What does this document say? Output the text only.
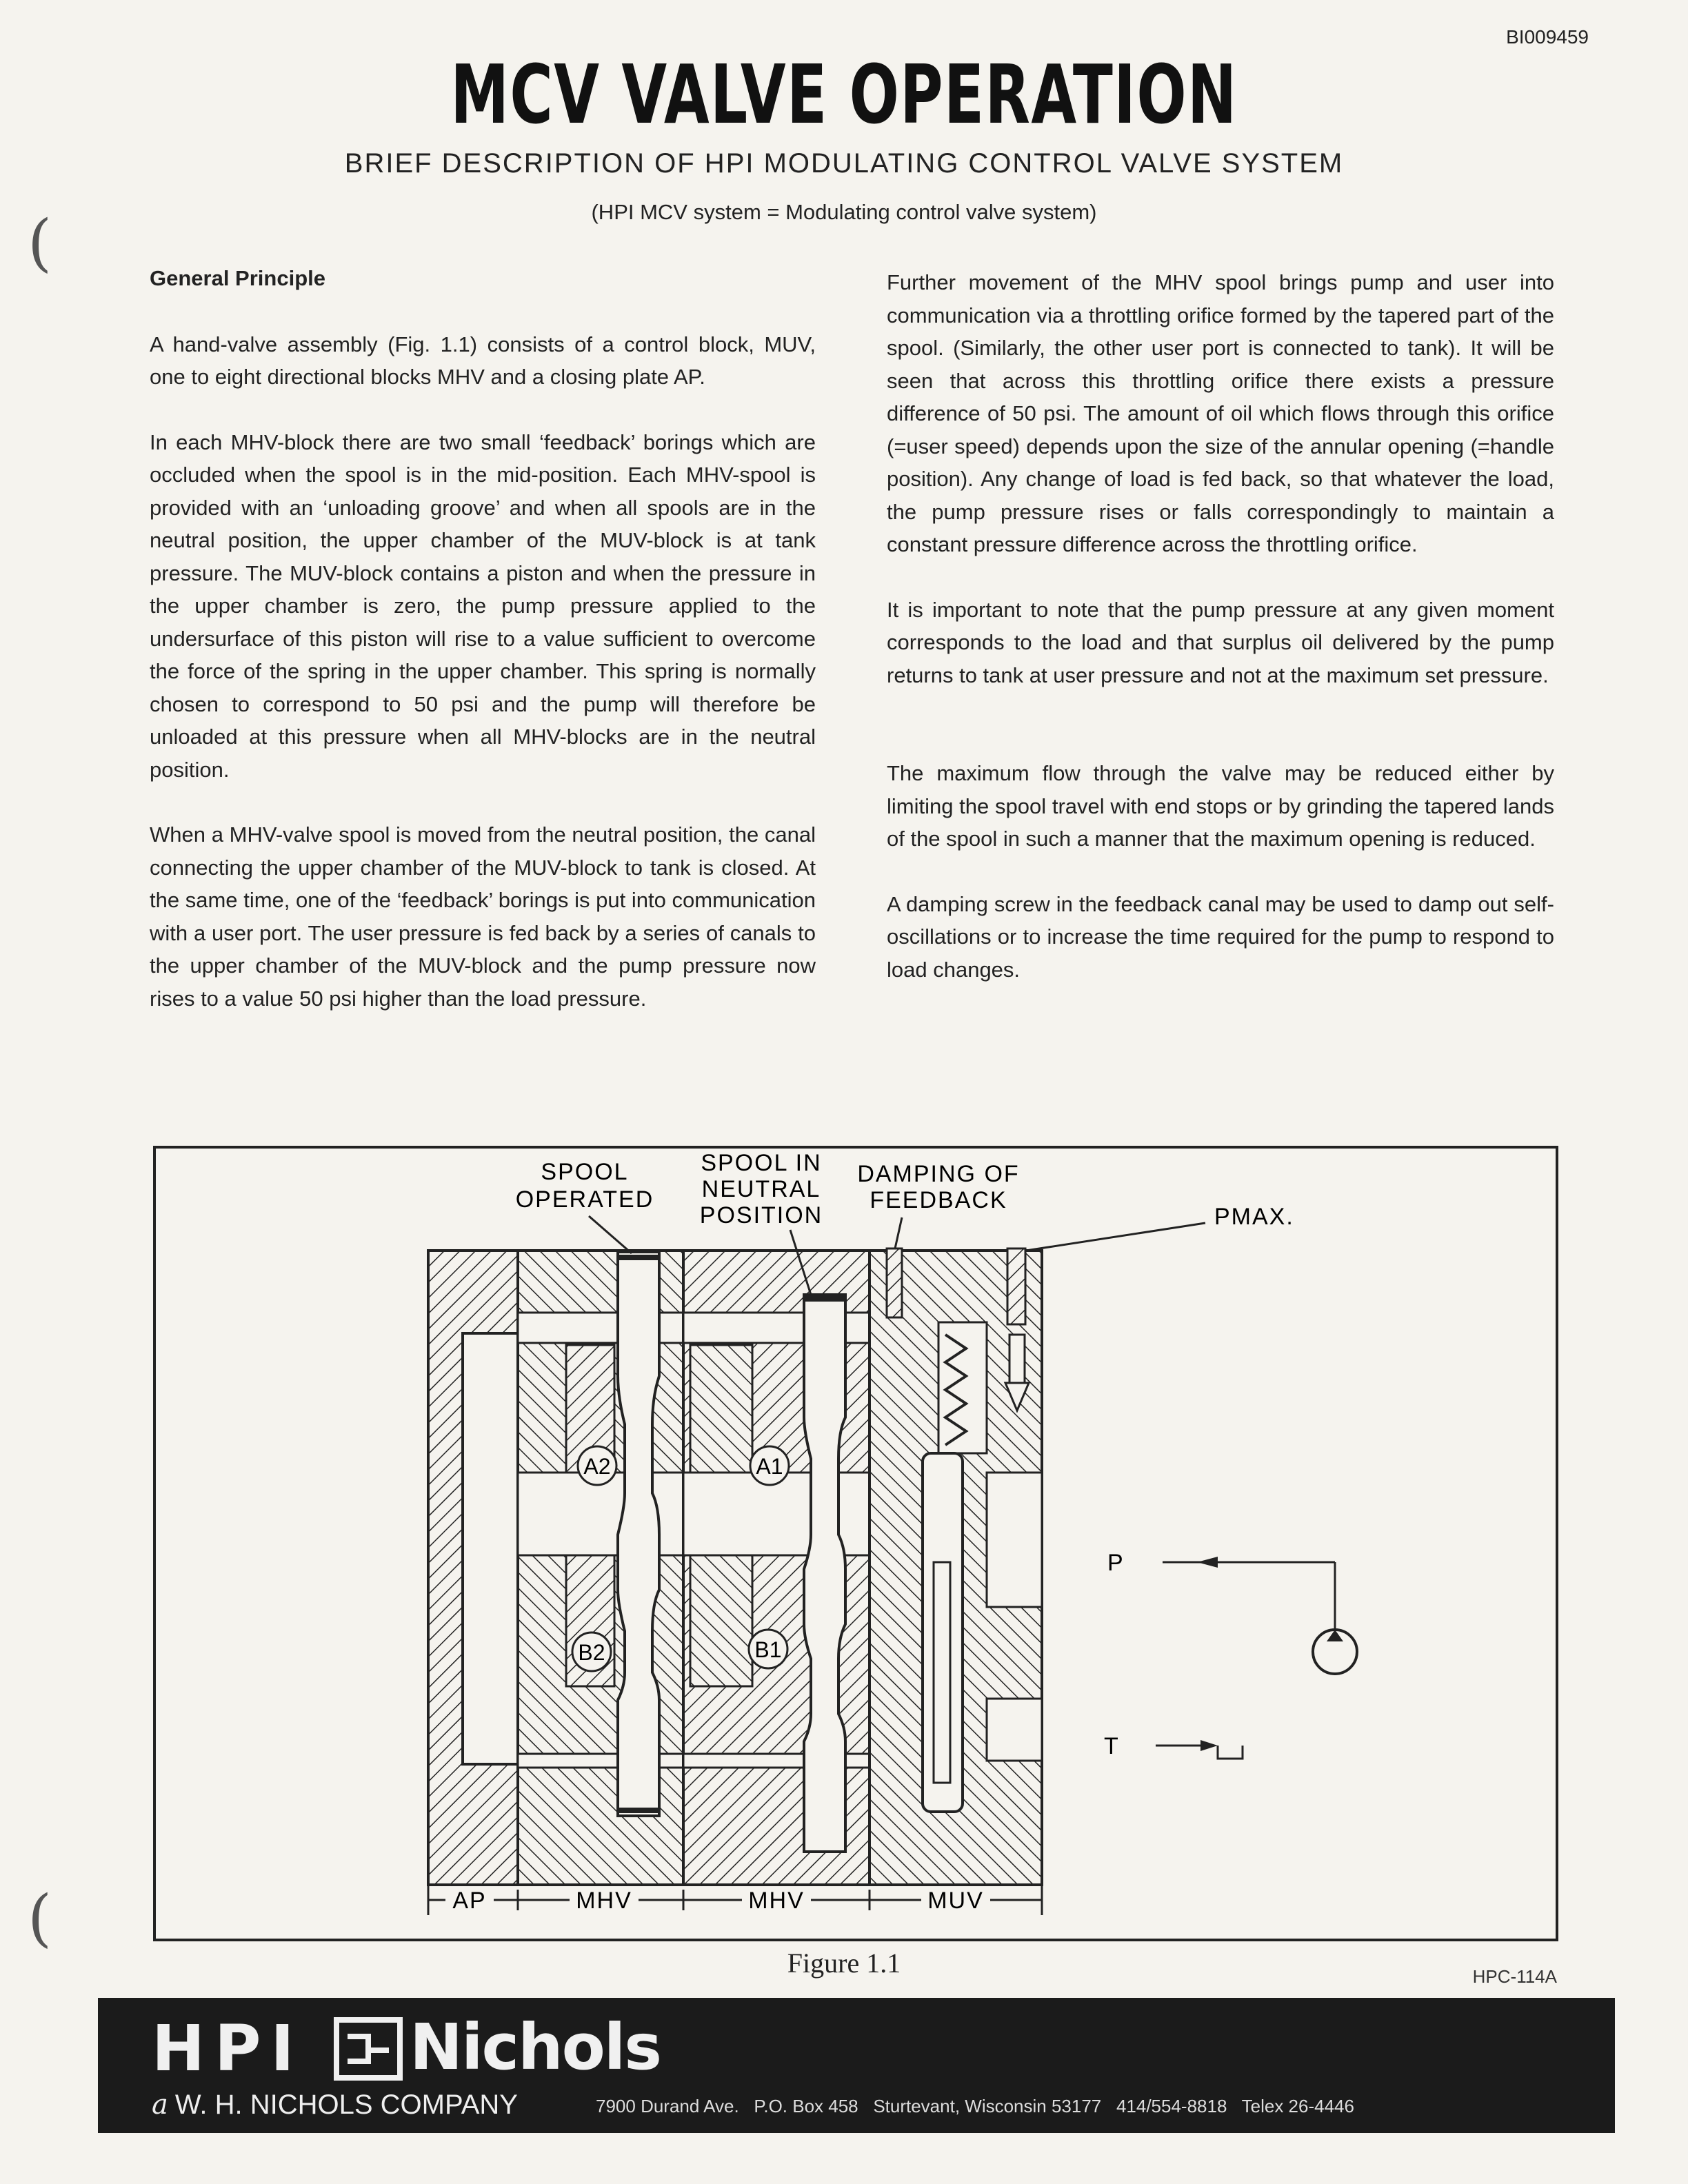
BI009459
MCV VALVE OPERATION
BRIEF DESCRIPTION OF HPI MODULATING CONTROL VALVE SYSTEM
(HPI MCV system = Modulating control valve system)
(
(
General Principle

A hand-valve assembly (Fig. 1.1) consists of a control block, MUV, one to eight directional blocks MHV and a closing plate AP.

In each MHV-block there are two small ‘feedback’ borings which are occluded when the spool is in the mid-position. Each MHV-spool is provided with an ‘unloading groove’ and when all spools are in the neutral position, the upper chamber of the MUV-block is at tank pressure. The MUV-block contains a piston and when the pressure in the upper chamber is zero, the pump pressure applied to the undersurface of this piston will rise to a value sufficient to overcome the force of the spring in the upper chamber. This spring is normally chosen to correspond to 50 psi and the pump will therefore be unloaded at this pressure when all MHV-blocks are in the neutral position.

When a MHV-valve spool is moved from the neutral position, the canal connecting the upper chamber of the MUV-block to tank is closed. At the same time, one of the ‘feedback’ borings is put into communication with a user port. The user pressure is fed back by a series of canals to the upper chamber of the MUV-block and the pump pressure now rises to a value 50 psi higher than the load pressure.

Further movement of the MHV spool brings pump and user into communication via a throttling orifice formed by the tapered part of the spool. (Similarly, the other user port is connected to tank). It will be seen that across this throttling orifice there exists a pressure difference of 50 psi. The amount of oil which flows through this orifice (=user speed) depends upon the size of the annular opening (=handle position). Any change of load is fed back, so that whatever the load, the pump pressure rises or falls correspondingly to maintain a constant pressure difference across the throttling orifice.

It is important to note that the pump pressure at any given moment corresponds to the load and that surplus oil delivered by the pump returns to tank at user pressure and not at the maximum set pressure.

The maximum flow through the valve may be reduced either by limiting the spool travel with end stops or by grinding the tapered lands of the spool in such a manner that the maximum opening is reduced.

A damping screw in the feedback canal may be used to damp out self-oscillations or to increase the time required for the pump to respond to load changes.

A2	A1
B2	B1
SPOOL
OPERATED
SPOOL IN
NEUTRAL
POSITION
DAMPING OF
FEEDBACK
PMAX.
P
T
AP	MHV	MHV	MUV
Figure 1.1	HPC-114A
HPI Nichols
a W. H. NICHOLS COMPANY	7900 Durand Ave.   P.O. Box 458   Sturtevant, Wisconsin 53177   414/554-8818   Telex 26-4446
